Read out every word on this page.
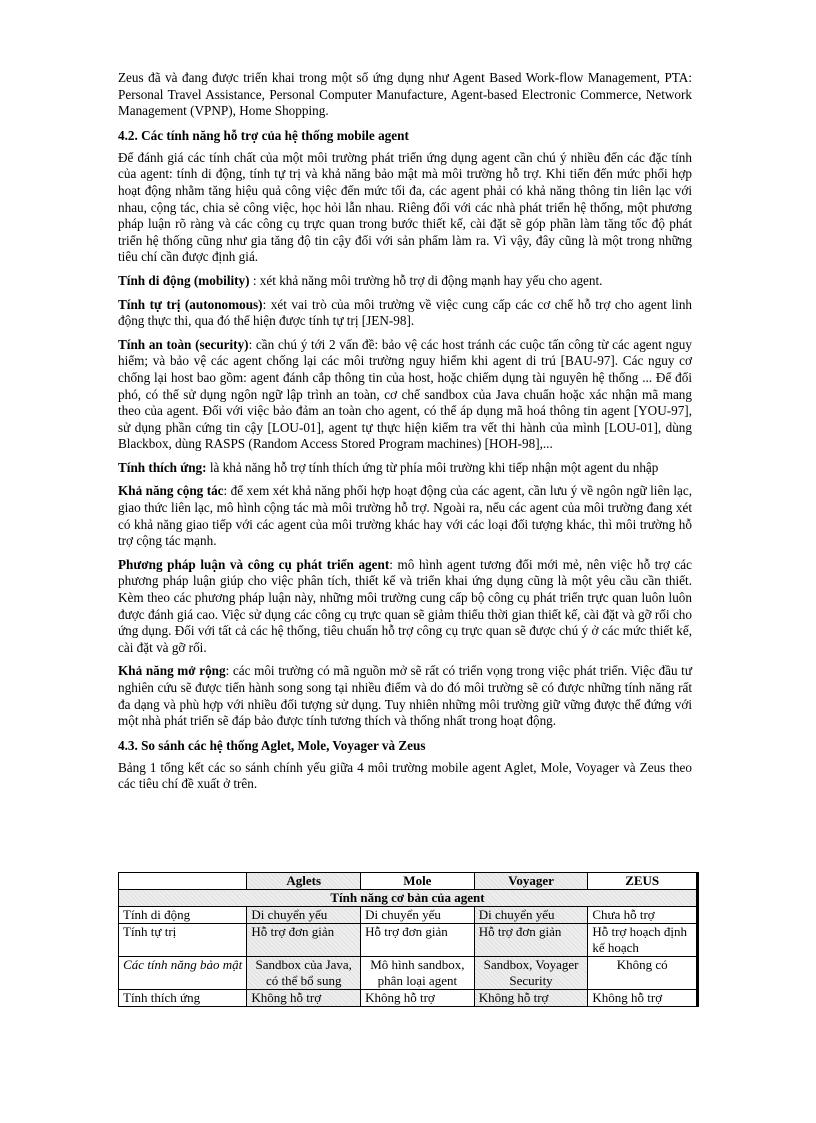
Zeus đã và đang được triển khai trong một số ứng dụng như Agent Based Work-flow Management, PTA: Personal Travel Assistance, Personal Computer Manufacture, Agent-based Electronic Commerce, Network Management (VPNP), Home Shopping.

4.2. Các tính năng hỗ trợ của hệ thống mobile agent

Để đánh giá các tính chất của một môi trường phát triển ứng dụng agent cần chú ý nhiều đến các đặc tính của agent: tính di động, tính tự trị và khả năng bảo mật mà môi trường hỗ trợ. Khi tiến đến mức phối hợp hoạt động nhằm tăng hiệu quả công việc đến mức tối đa, các agent phải có khả năng thông tin liên lạc với nhau, cộng tác, chia sẻ công việc, học hỏi lẫn nhau. Riêng đối với các nhà phát triển hệ thống, một phương pháp luận rõ ràng và các công cụ trực quan trong bước thiết kế, cài đặt sẽ góp phần làm tăng tốc độ phát triển hệ thống cũng như gia tăng độ tin cậy đối với sản phẩm làm ra. Vì vậy, đây cũng là một trong những tiêu chí cần được định giá.

Tính di động (mobility) : xét khả năng môi trường hỗ trợ di động mạnh hay yếu cho agent.

Tính tự trị (autonomous): xét vai trò của môi trường về việc cung cấp các cơ chế hỗ trợ cho agent linh động thực thi, qua đó thể hiện được tính tự trị [JEN-98].

Tính an toàn (security): cần chú ý tới 2 vấn đề: bảo vệ các host tránh các cuộc tấn công từ các agent nguy hiểm; và bảo vệ các agent chống lại các môi trường nguy hiểm khi agent di trú [BAU-97]. Các nguy cơ chống lại host bao gồm: agent đánh cắp thông tin của host, hoặc chiếm dụng tài nguyên hệ thống ... Để đối phó, có thể sử dụng ngôn ngữ lập trình an toàn, cơ chế sandbox của Java chuẩn hoặc xác nhận mã mang theo của agent. Đối với việc bảo đảm an toàn cho agent, có thể áp dụng mã hoá thông tin agent [YOU-97], sử dụng phần cứng tin cậy [LOU-01], agent tự thực hiện kiểm tra vết thi hành của mình [LOU-01], dùng Blackbox, dùng RASPS (Random Access Stored Program machines) [HOH-98],...

Tính thích ứng: là khả năng hỗ trợ tính thích ứng từ phía môi trường khi tiếp nhận một agent du nhập

Khả năng cộng tác: để xem xét khả năng phối hợp hoạt động của các agent, cần lưu ý về ngôn ngữ liên lạc, giao thức liên lạc, mô hình cộng tác mà môi trường hỗ trợ. Ngoài ra, nếu các agent của môi trường đang xét có khả năng giao tiếp với các agent của môi trường khác hay với các loại đối tượng khác, thì môi trường hỗ trợ cộng tác mạnh.

Phương pháp luận và công cụ phát triển agent: mô hình agent tương đối mới mẻ, nên việc hỗ trợ các phương pháp luận giúp cho việc phân tích, thiết kế và triển khai ứng dụng cũng là một yêu cầu cần thiết. Kèm theo các phương pháp luận này, những môi trường cung cấp bộ công cụ phát triển trực quan luôn luôn được đánh giá cao. Việc sử dụng các công cụ trực quan sẽ giảm thiểu thời gian thiết kế, cài đặt và gỡ rối cho ứng dụng. Đối với tất cả các hệ thống, tiêu chuẩn hỗ trợ công cụ trực quan sẽ được chú ý ở các mức thiết kế, cài đặt và gỡ rối.

Khả năng mở rộng: các môi trường có mã nguồn mở sẽ rất có triển vọng trong việc phát triển. Việc đầu tư nghiên cứu sẽ được tiến hành song song tại nhiều điểm và do đó môi trường sẽ có được những tính năng rất đa dạng và phù hợp với nhiều đối tượng sử dụng. Tuy nhiên những môi trường giữ vững được thế đứng với một nhà phát triển sẽ đáp bảo được tính tương thích và thống nhất trong hoạt động.

4.3. So sánh các hệ thống Aglet, Mole, Voyager và Zeus

Bảng 1 tổng kết các so sánh chính yếu giữa 4 môi trường mobile agent Aglet, Mole, Voyager và Zeus theo các tiêu chí đề xuất ở trên.

	Aglets	Mole	Voyager	ZEUS
Tính năng cơ bản của agent				
Tính di động	Di chuyển yếu	Di chuyển yếu	Di chuyển yếu	Chưa hỗ trợ
Tính tự trị	Hỗ trợ đơn giản	Hỗ trợ đơn giản	Hỗ trợ đơn giản	Hỗ trợ hoạch định kế hoạch
Các tính năng bảo mật	Sandbox của Java, có thể bổ sung	Mô hình sandbox, phân loại agent	Sandbox, Voyager Security	Không có
Tính thích ứng	Không hỗ trợ	Không hỗ trợ	Không hỗ trợ	Không hỗ trợ
